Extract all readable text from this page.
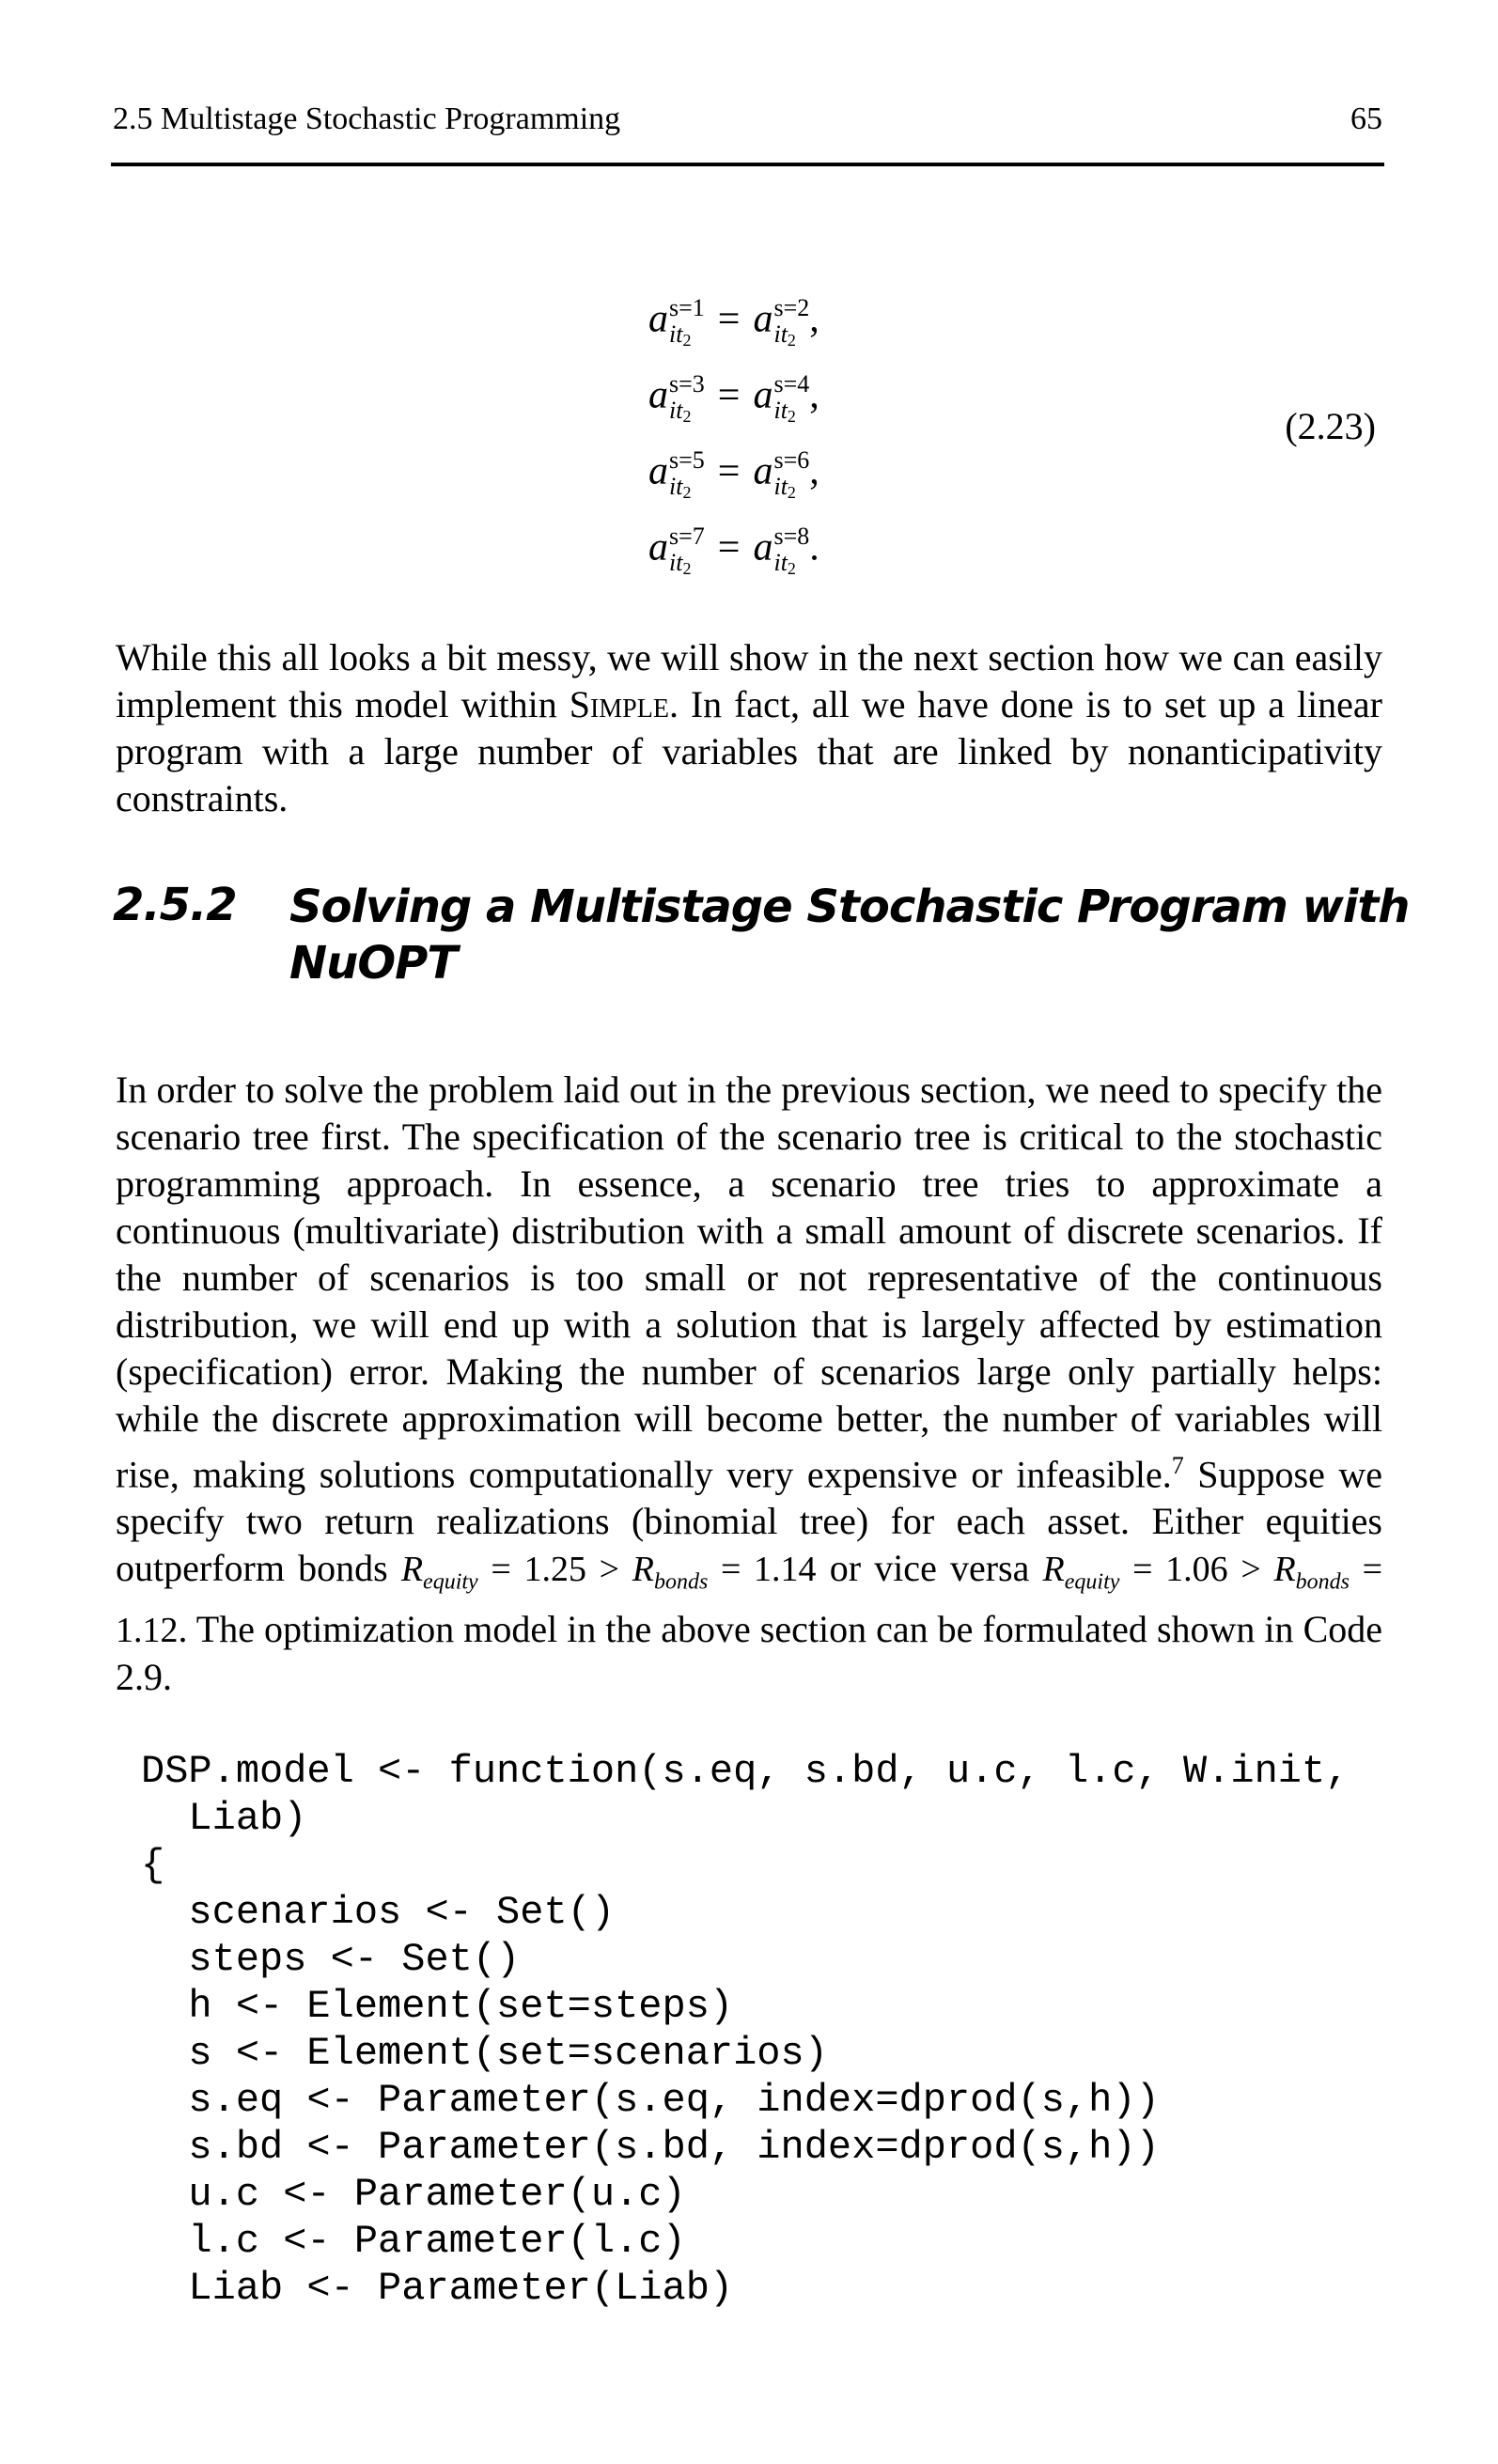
2.5 Multistage Stochastic Programming	65
a s=1
it2 = a s=2
it2 ,
a s=3
it2 = a s=4
it2 ,
a s=5
it2 = a s=6
it2 ,
a s=7
it2 = a s=8
it2 .
(2.23)
While this all looks a bit messy, we will show in the next section how we can easily implement this model within Simple. In fact, all we have done is to set up a linear program with a large number of variables that are linked by nonanticipativity constraints.
2.5.2 Solving a Multistage Stochastic Program with NuOPT
In order to solve the problem laid out in the previous section, we need to specify the scenario tree first. The specification of the scenario tree is critical to the stochastic programming approach. In essence, a scenario tree tries to approximate a continuous (multivariate) distribution with a small amount of discrete scenarios. If the number of scenarios is too small or not representative of the continuous distribution, we will end up with a solution that is largely affected by estimation (specification) error. Making the number of scenarios large only partially helps: while the discrete approximation will become better, the number of variables will rise, making solutions computationally very expensive or infeasible.$^7$ Suppose we specify two return realizations (binomial tree) for each asset. Either equities outperform bonds $R_{equity} = 1.25 > R_{bonds} = 1.14$ or vice versa $R_{equity} = 1.06 > R_{bonds} = 1.12$. The optimization model in the above section can be formulated shown in Code 2.9.
DSP.model <- function(s.eq, s.bd, u.c, l.c, W.init,
Liab)
{
scenarios <- Set()
steps <- Set()
h <- Element(set=steps)
s <- Element(set=scenarios)
s.eq <- Parameter(s.eq, index=dprod(s,h))
s.bd <- Parameter(s.bd, index=dprod(s,h))
u.c <- Parameter(u.c)
l.c <- Parameter(l.c)
Liab <- Parameter(Liab)
